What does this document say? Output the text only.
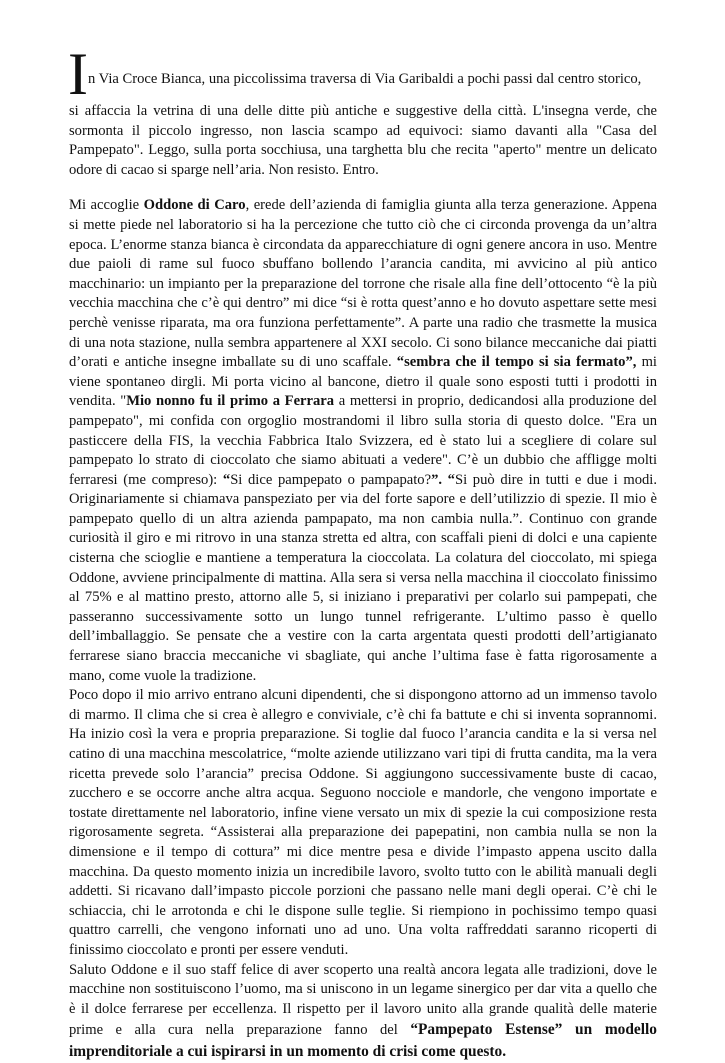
I n Via Croce Bianca, una piccolissima traversa di Via Garibaldi a pochi passi dal centro storico,

si affaccia la vetrina di una delle ditte più antiche e suggestive della città. L'insegna verde, che sormonta il piccolo ingresso, non lascia scampo ad equivoci: siamo davanti alla "Casa del Pampepato". Leggo, sulla porta socchiusa, una targhetta blu che recita "aperto" mentre un delicato odore di cacao si sparge nell’aria. Non resisto. Entro.

Mi accoglie Oddone di Caro, erede dell’azienda di famiglia giunta alla terza generazione. Appena si mette piede nel laboratorio si ha la percezione che tutto ciò che ci circonda provenga da un’altra epoca. L’enorme stanza bianca è circondata da apparecchiature di ogni genere ancora in uso. Mentre due paioli di rame sul fuoco sbuffano bollendo l’arancia candita, mi avvicino al più antico macchinario: un impianto per la preparazione del torrone che risale alla fine dell’ottocento “è la più vecchia macchina che c’è qui dentro” mi dice “si è rotta quest’anno e ho dovuto aspettare sette mesi perchè venisse riparata, ma ora funziona perfettamente”. A parte una radio che trasmette la musica di una nota stazione, nulla sembra appartenere al XXI secolo. Ci sono bilance meccaniche dai piatti d’orati e antiche insegne imballate su di uno scaffale. “sembra che il tempo si sia fermato”, mi viene spontaneo dirgli. Mi porta vicino al bancone, dietro il quale sono esposti tutti i prodotti in vendita. "Mio nonno fu il primo a Ferrara a mettersi in proprio, dedicandosi alla produzione del pampepato", mi confida con orgoglio mostrandomi il libro sulla storia di questo dolce. "Era un pasticcere della FIS, la vecchia Fabbrica Italo Svizzera, ed è stato lui a scegliere di colare sul pampepato lo strato di cioccolato che siamo abituati a vedere". C’è un dubbio che affligge molti ferraresi (me compreso): “Si dice pampepato o pampapato?”. “Si può dire in tutti e due i modi. Originariamente si chiamava panspeziato per via del forte sapore e dell’utilizzio di spezie. Il mio è pampepato quello di un altra azienda pampapato, ma non cambia nulla.”. Continuo con grande curiosità il giro e mi ritrovo in una stanza stretta ed altra, con scaffali pieni di dolci e una capiente cisterna che scioglie e mantiene a temperatura la cioccolata. La colatura del cioccolato, mi spiega Oddone, avviene principalmente di mattina. Alla sera si versa nella macchina il cioccolato finissimo al 75% e al mattino presto, attorno alle 5, si iniziano i preparativi per colarlo sui pampepati, che passeranno successivamente sotto un lungo tunnel refrigerante. L’ultimo passo è quello dell’imballaggio. Se pensate che a vestire con la carta argentata questi prodotti dell’artigianato ferrarese siano braccia meccaniche vi sbagliate, qui anche l’ultima fase è fatta rigorosamente a mano, come vuole la tradizione.

Poco dopo il mio arrivo entrano alcuni dipendenti, che si dispongono attorno ad un immenso tavolo di marmo. Il clima che si crea è allegro e conviviale, c’è chi fa battute e chi si inventa soprannomi. Ha inizio così la vera e propria preparazione. Si toglie dal fuoco l’arancia candita e la si versa nel catino di una macchina mescolatrice, “molte aziende utilizzano vari tipi di frutta candita, ma la vera ricetta prevede solo l’arancia” precisa Oddone. Si aggiungono successivamente buste di cacao, zucchero e se occorre anche altra acqua. Seguono nocciole e mandorle, che vengono importate e tostate direttamente nel laboratorio, infine viene versato un mix di spezie la cui composizione resta rigorosamente segreta. “Assisterai alla preparazione dei papepatini, non cambia nulla se non la dimensione e il tempo di cottura” mi dice mentre pesa e divide l’impasto appena uscito dalla macchina. Da questo momento inizia un incredibile lavoro, svolto tutto con le abilità manuali degli addetti. Si ricavano dall’impasto piccole porzioni che passano nelle mani degli operai. C’è chi le schiaccia, chi le arrotonda e chi le dispone sulle teglie. Si riempiono in pochissimo tempo quasi quattro carrelli, che vengono infornati uno ad uno. Una volta raffreddati saranno ricoperti di finissimo cioccolato e pronti per essere venduti.

Saluto Oddone e il suo staff felice di aver scoperto una realtà ancora legata alle tradizioni, dove le macchine non sostituiscono l’uomo, ma si uniscono in un legame sinergico per dar vita a quello che è il dolce ferrarese per eccellenza. Il rispetto per il lavoro unito alla grande qualità delle materie prime e alla cura nella preparazione fanno del “Pampepato Estense” un modello imprenditoriale a cui ispirarsi in un momento di crisi come questo.
